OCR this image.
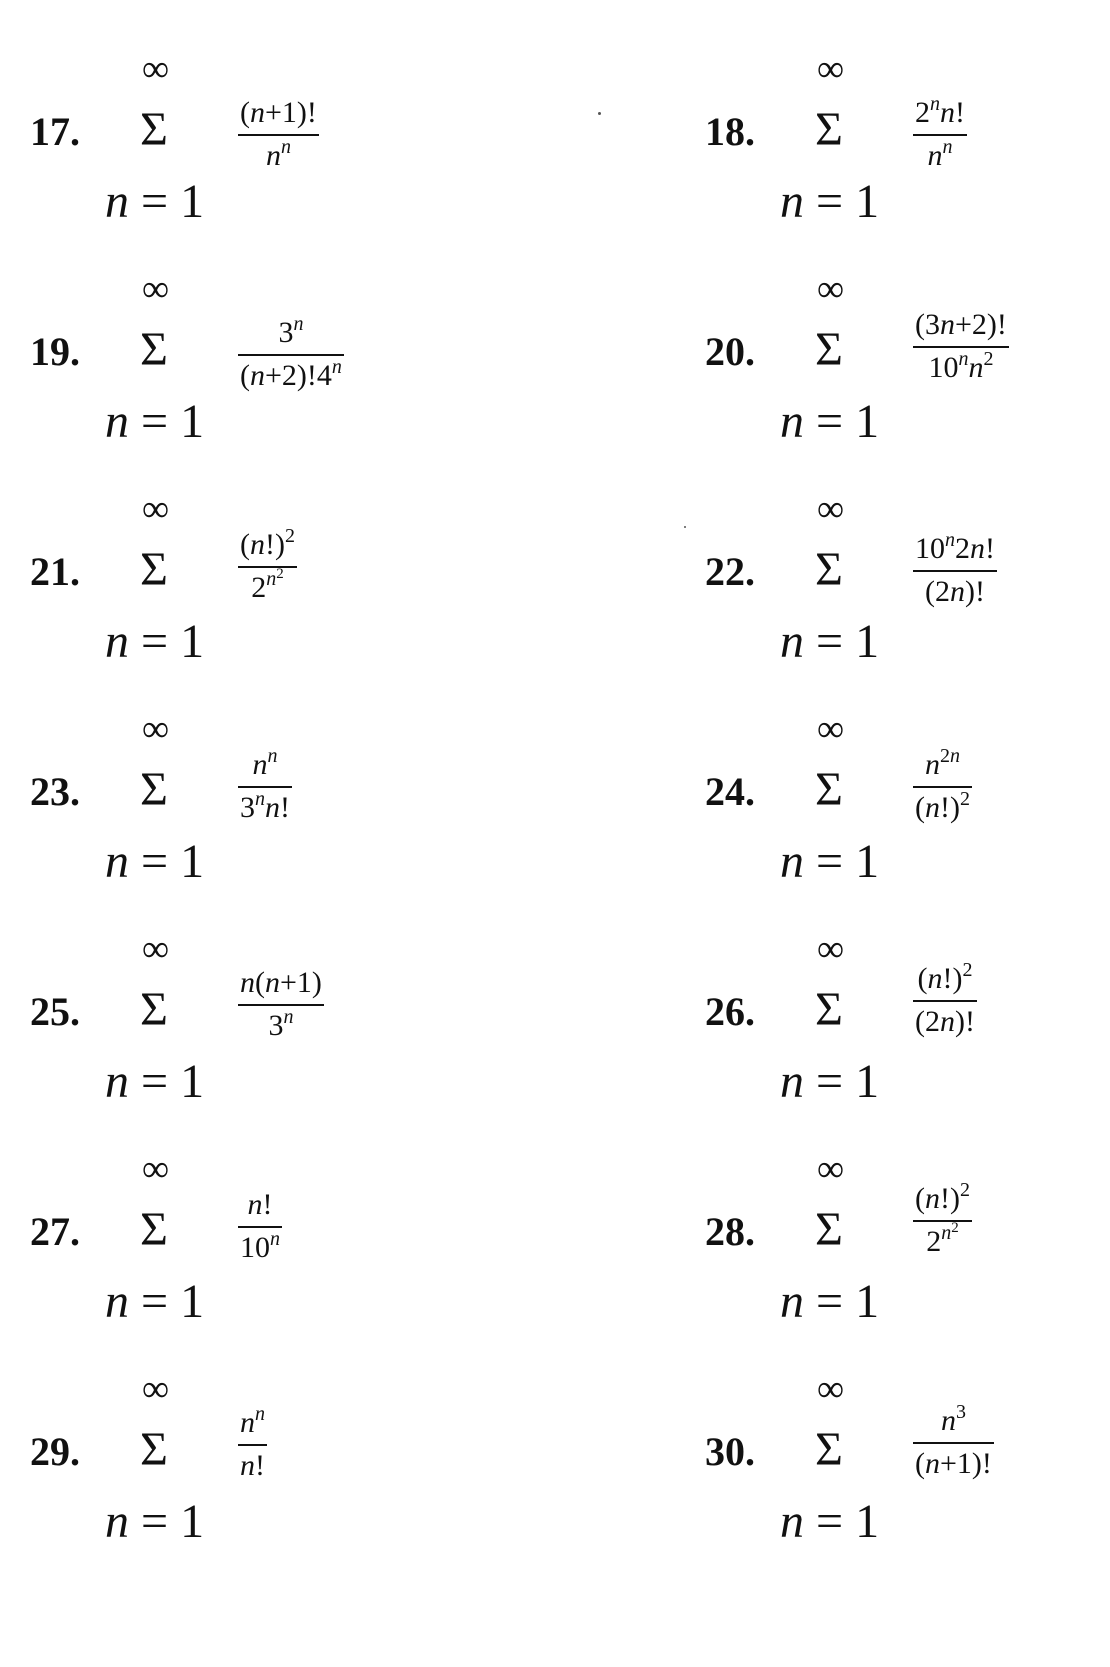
17.
∞
Σ
n = 1
(n+1)!
$n^n$	18.
∞
Σ
n = 1
2$^n$n!
$n^n$
19.
∞
Σ
n = 1
3$^n$
$(n+2)!4^n$	20.
∞
Σ
n = 1
(3n+2)!
$10^nn^2$
21.
∞
Σ
n = 1
$(n!)^2$
$2^{n^2}$	22.
∞
Σ
n = 1
10$^n$2n!
(2n)!
23.
∞
Σ
n = 1
$n^n$
3$^n$n!	24.
∞
Σ
n = 1
$n^{2n}$
$(n!)^2$
25.
∞
Σ
n = 1
n(n+1)
3$^n$	26.
∞
Σ
n = 1
$(n!)^2$
(2n)!
27.
∞
Σ
n = 1
n!
10$^n$	28.
∞
Σ
n = 1
$(n!)^2$
$2^{n^2}$
29.
∞
Σ
n = 1
$n^n$
n!	30.
∞
Σ
n = 1
$n^3$
(n+1)!
